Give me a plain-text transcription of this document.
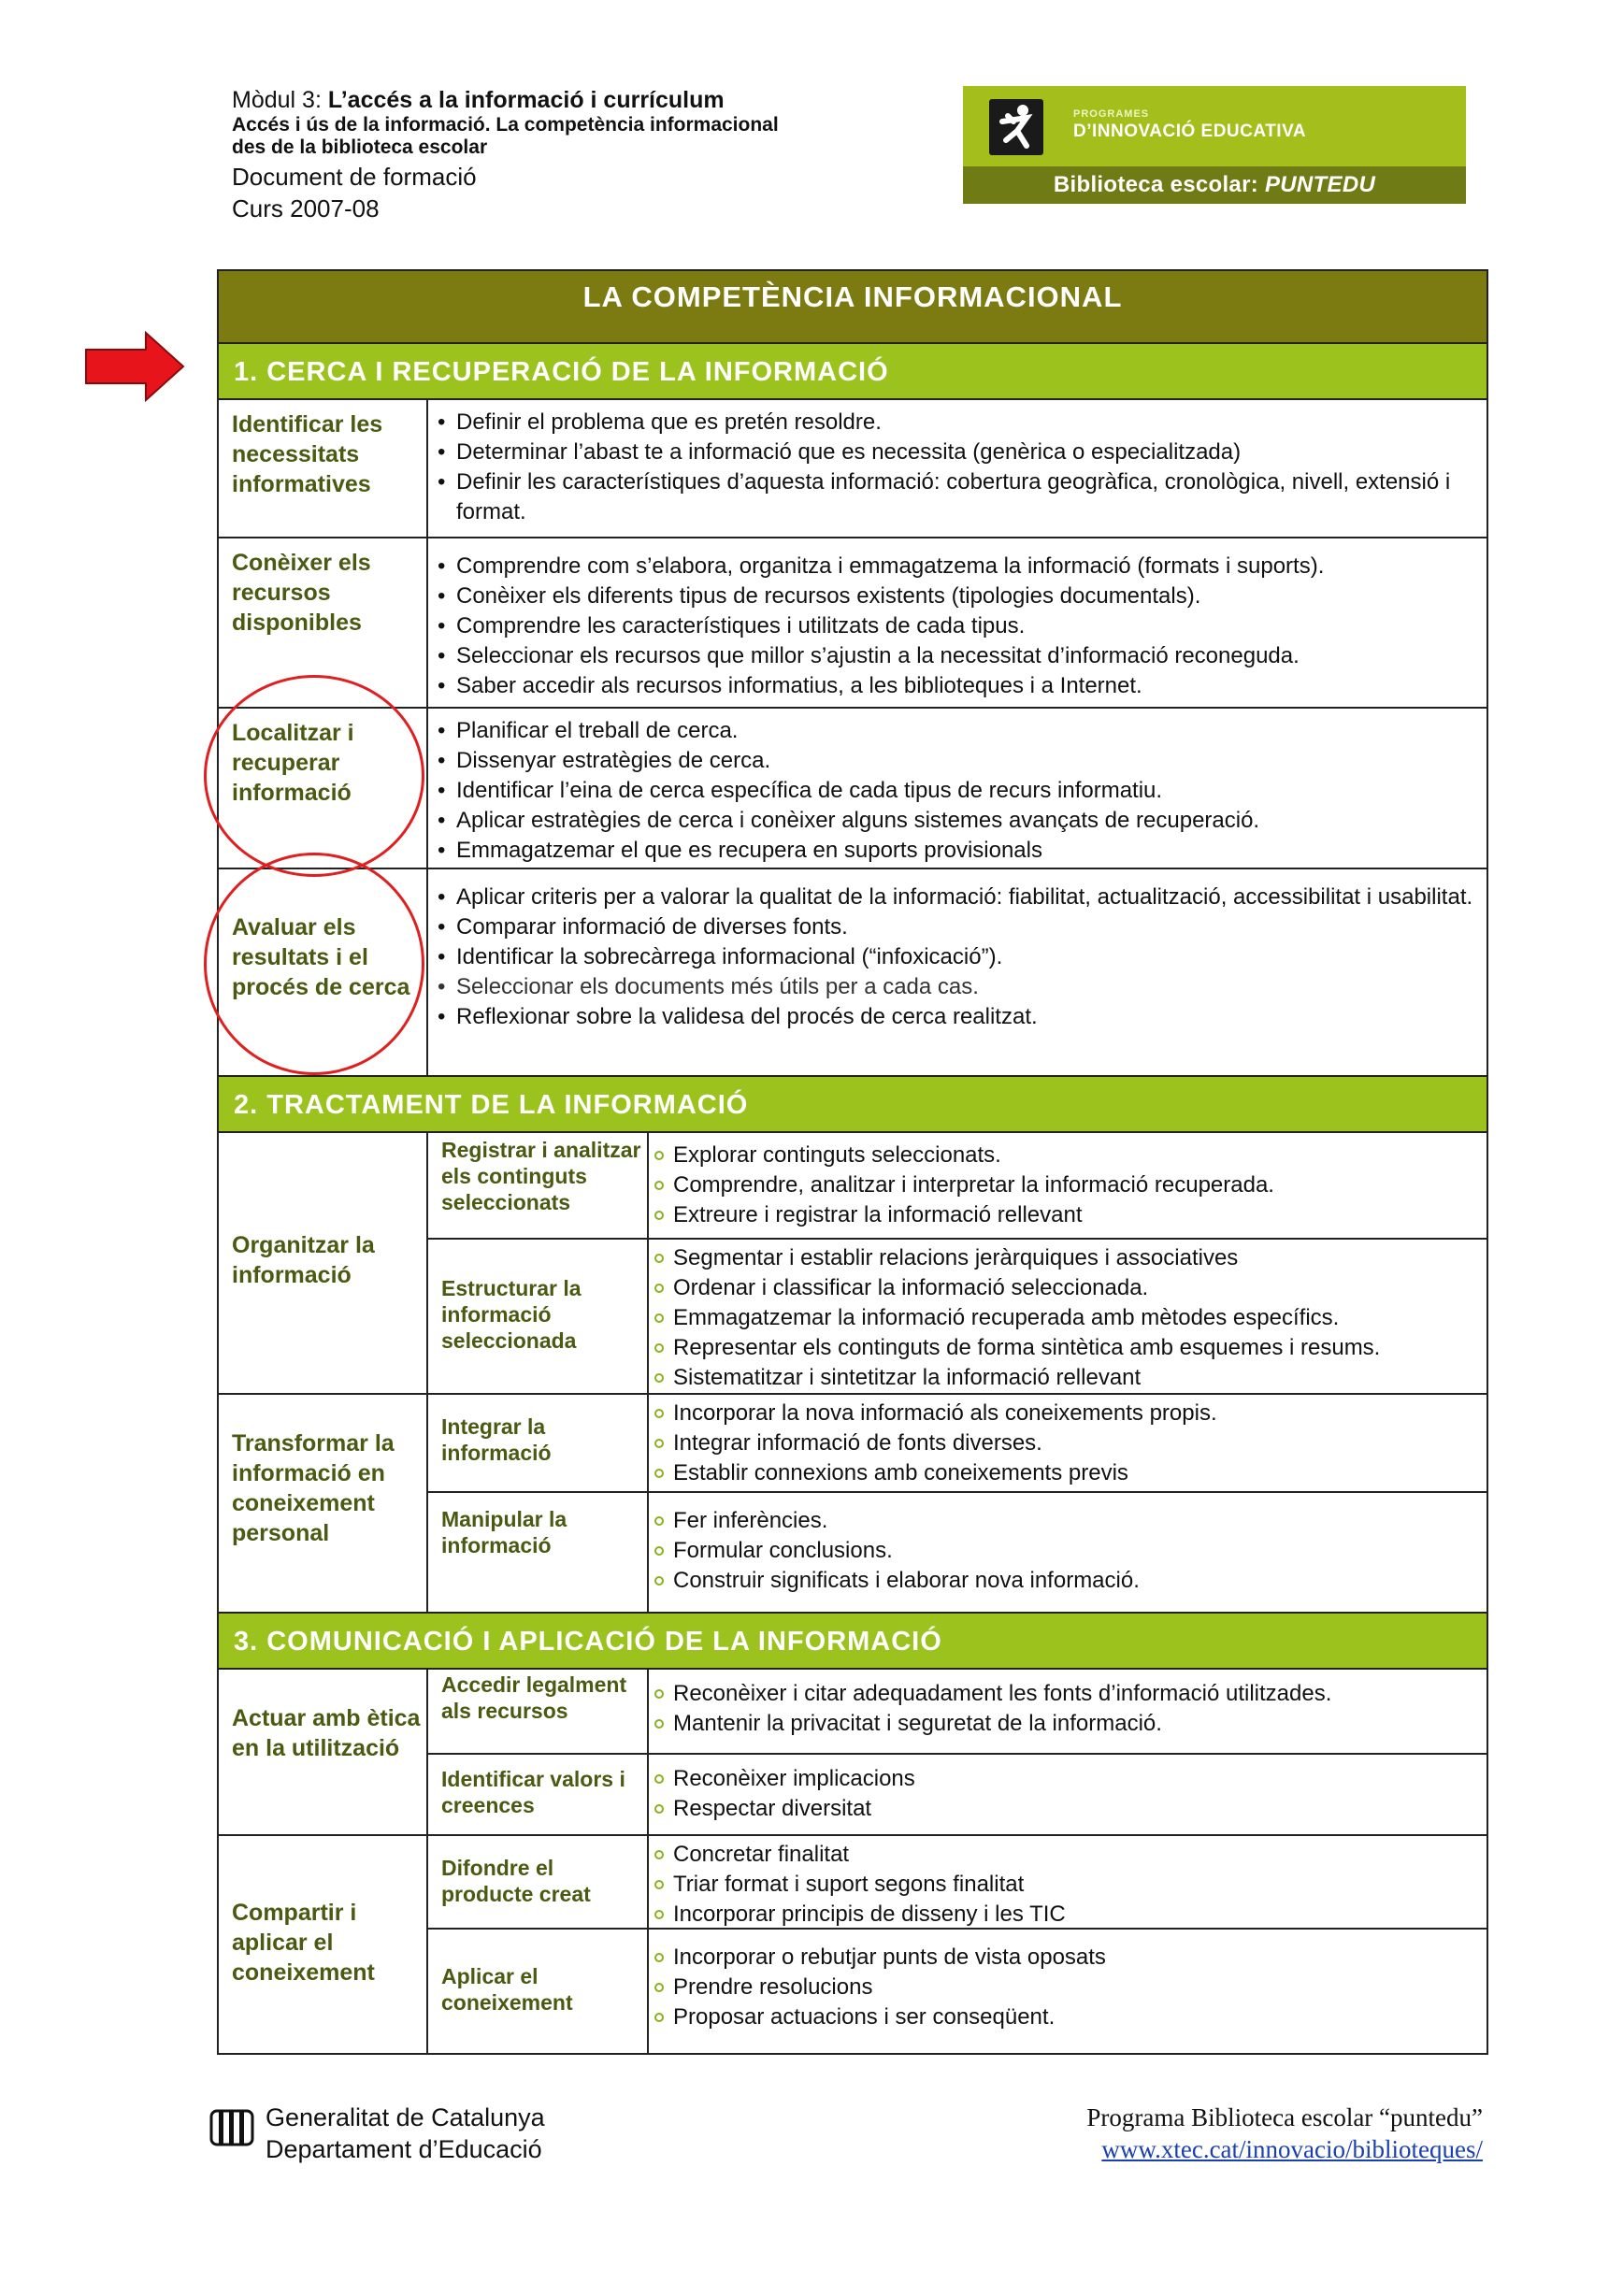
Mòdul 3: L’accés a la informació i currículum
Accés i ús de la informació. La competència informacional
des de la biblioteca escolar
Document de formació
Curs 2007-08
PROGRAMES
D’INNOVACIÓ EDUCATIVA
Biblioteca escolar: PUNTEDU
LA COMPETÈNCIA INFORMACIONAL
1. CERCA I RECUPERACIÓ DE LA INFORMACIÓ
Identificar les necessitats informatives
• Definir el problema que es pretén resoldre.
• Determinar l’abast te a informació que es necessita (genèrica o especialitzada)
• Definir les característiques d’aquesta informació: cobertura geogràfica, cronològica, nivell, extensió i format.
Conèixer els recursos disponibles
• Comprendre com s’elabora, organitza i emmagatzema la informació (formats i suports).
• Conèixer els diferents tipus de recursos existents (tipologies documentals).
• Comprendre les característiques i utilitzats de cada tipus.
• Seleccionar els recursos que millor s’ajustin a la necessitat d’informació reconeguda.
• Saber accedir als recursos informatius, a les biblioteques i a Internet.
Localitzar i recuperar informació
• Planificar el treball de cerca.
• Dissenyar estratègies de cerca.
• Identificar l’eina de cerca específica de cada tipus de recurs informatiu.
• Aplicar estratègies de cerca i conèixer alguns sistemes avançats de recuperació.
• Emmagatzemar el que es recupera en suports provisionals
Avaluar els resultats i el procés de cerca
• Aplicar criteris per a valorar la qualitat de la informació: fiabilitat, actualització, accessibilitat i usabilitat.
• Comparar informació de diverses fonts.
• Identificar la sobrecàrrega informacional (“infoxicació”).
• Seleccionar els documents més útils per a cada cas.
• Reflexionar sobre la validesa del procés de cerca realitzat.
2. TRACTAMENT DE LA INFORMACIÓ
Organitzar la informació
Registrar i analitzar els continguts seleccionats
Explorar continguts seleccionats.
Comprendre, analitzar i interpretar la informació recuperada.
Extreure i registrar la informació rellevant
Estructurar la informació seleccionada
Segmentar i establir relacions jeràrquiques i associatives
Ordenar i classificar la informació seleccionada.
Emmagatzemar la informació recuperada amb mètodes específics.
Representar els continguts de forma sintètica amb esquemes i resums.
Sistematitzar i sintetitzar la informació rellevant
Transformar la informació en coneixement personal
Integrar la informació
Incorporar la nova informació als coneixements propis.
Integrar informació de fonts diverses.
Establir connexions amb coneixements previs
Manipular la informació
Fer inferències.
Formular conclusions.
Construir significats i elaborar nova informació.
3. COMUNICACIÓ I APLICACIÓ DE LA INFORMACIÓ
Actuar amb ètica en la utilització
Accedir legalment als recursos
Reconèixer i citar adequadament les fonts d’informació utilitzades.
Mantenir la privacitat i seguretat de la informació.
Identificar valors i creences
Reconèixer implicacions
Respectar diversitat
Compartir i aplicar el coneixement
Difondre el producte creat
Concretar finalitat
Triar format i suport segons finalitat
Incorporar principis de disseny i les TIC
Aplicar el coneixement
Incorporar o rebutjar punts de vista oposats
Prendre resolucions
Proposar actuacions i ser conseqüent.
Generalitat de Catalunya
Departament d’Educació
Programa Biblioteca escolar “puntedu”
www.xtec.cat/innovacio/biblioteques/
